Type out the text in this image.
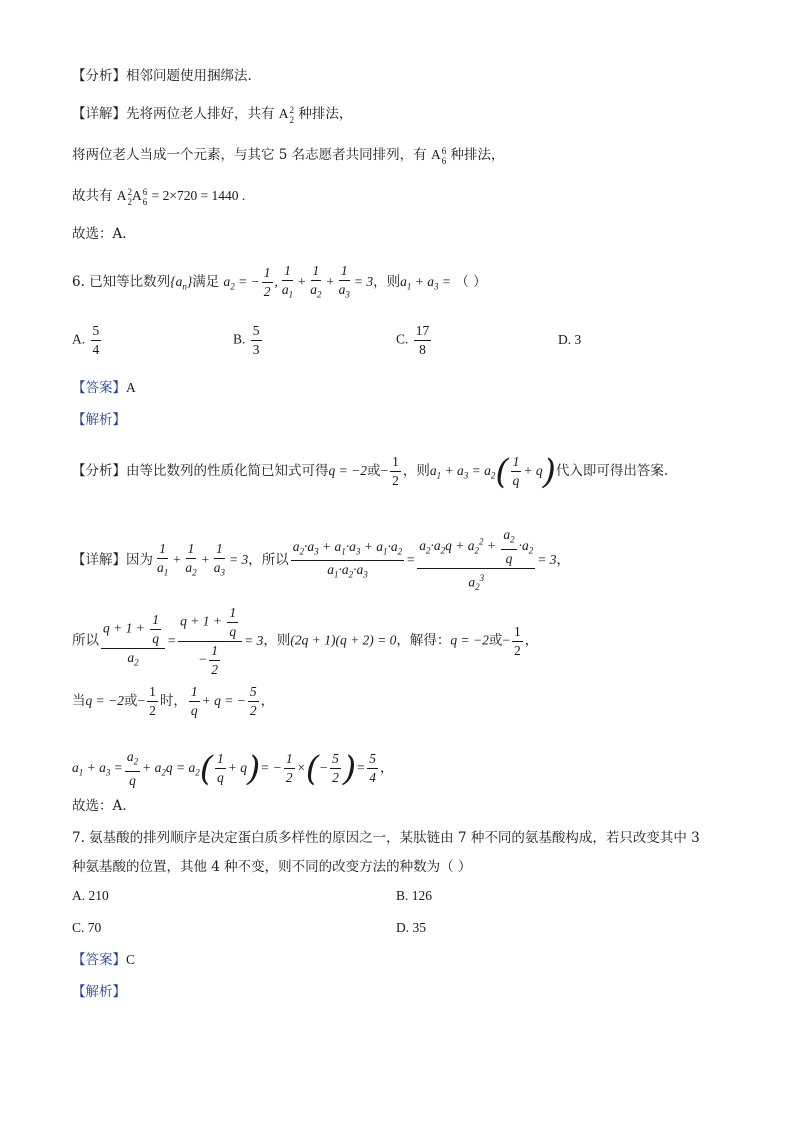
【分析】相邻问题使用捆绑法.
【详解】先将两位老人排好，共有 A 2
2 种排法，
将两位老人当成一个元素，与其它 5 名志愿者共同排列，有 A 6
6 种排法，
故共有 A 2
2 A 6
6 = 2×720 = 1440 .
故选：A.
6. 已知等比数列$\{a_n\}$满足 $a_2$ = − $\frac{1}{2}$ , $\frac{1}{a_1} + \frac{1}{a_2} + \frac{1}{a_3} = 3$，则$a_1 + a_3$ = （ ）
A. $\frac{5}{4}$	B. $\frac{5}{3}$	C. $\frac{17}{8}$	D. 3
【答案】A
【解析】
【分析】由等比数列的性质化简已知式可得q = −2或− $\frac{1}{2}$ ，则$a_1 + a_3 = a_2( \frac{1}{q} + q)$代入即可得出答案.
【详解】因为 $\frac{1}{a_1} + \frac{1}{a_2} + \frac{1}{a_3} = 3$，所以 $\frac{a_2\cdot a_3 + a_1\cdot a_3 + a_1\cdot a_2}{a_1\cdot a_2\cdot a_3} = \frac{a_2\cdot a_2q + a_2^2 + \frac{a_2}{q} \cdot a_2}{a_2^3} = 3$，
所以 $\frac{q + 1 + \frac{1}{q}}{a_2} = \frac{q + 1 + \frac{1}{q}}{- \frac{1}{2}} = 3$，则(2q + 1)(q + 2) = 0，解得：q = −2或− $\frac{1}{2}$ ，
当q = −2或− $\frac{1}{2}$ 时， $\frac{1}{q} + q$ = − $\frac{5}{2}$ ，
$a_1 + a_3 = \frac{a_2}{q} + a_2q = a_2( \frac{1}{q} + q)= - \frac{1}{2}$ ×(− $\frac{5}{2}$ )= $\frac{5}{4}$ ，
故选：A.
7. 氨基酸的排列顺序是决定蛋白质多样性的原因之一，某肽链由 7 种不同的氨基酸构成，若只改变其中 3
种氨基酸的位置，其他 4 种不变，则不同的改变方法的种数为（ ）
A. 210	B. 126
C. 70	D. 35
【答案】C
【解析】
